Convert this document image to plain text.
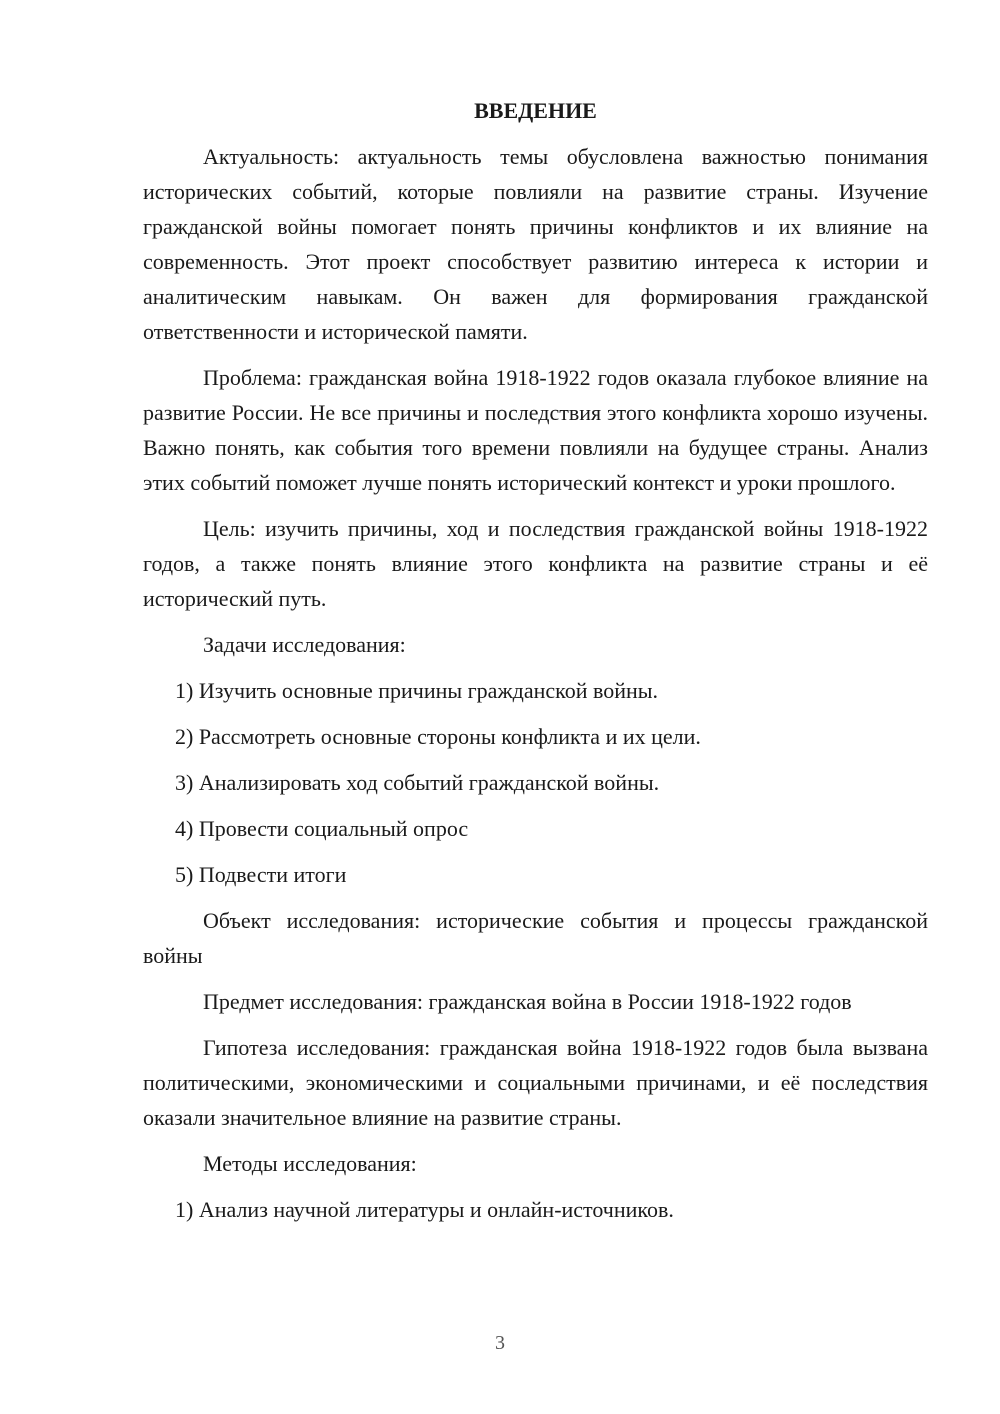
ВВЕДЕНИЕ

Актуальность: актуальность темы обусловлена важностью понимания исторических событий, которые повлияли на развитие страны. Изучение гражданской войны помогает понять причины конфликтов и их влияние на современность. Этот проект способствует развитию интереса к истории и аналитическим навыкам. Он важен для формирования гражданской ответственности и исторической памяти.

Проблема: гражданская война 1918-1922 годов оказала глубокое влияние на развитие России. Не все причины и последствия этого конфликта хорошо изучены. Важно понять, как события того времени повлияли на будущее страны. Анализ этих событий поможет лучше понять исторический контекст и уроки прошлого.

Цель: изучить причины, ход и последствия гражданской войны 1918-1922 годов, а также понять влияние этого конфликта на развитие страны и её исторический путь.

Задачи исследования:

1) Изучить основные причины гражданской войны.

2) Рассмотреть основные стороны конфликта и их цели.

3) Анализировать ход событий гражданской войны.

4) Провести социальный опрос

5) Подвести итоги

Объект исследования: исторические события и процессы гражданской войны

Предмет исследования: гражданская война в России 1918-1922 годов

Гипотеза исследования: гражданская война 1918-1922 годов была вызвана политическими, экономическими и социальными причинами, и её последствия оказали значительное влияние на развитие страны.

Методы исследования:

1) Анализ научной литературы и онлайн-источников.

3
